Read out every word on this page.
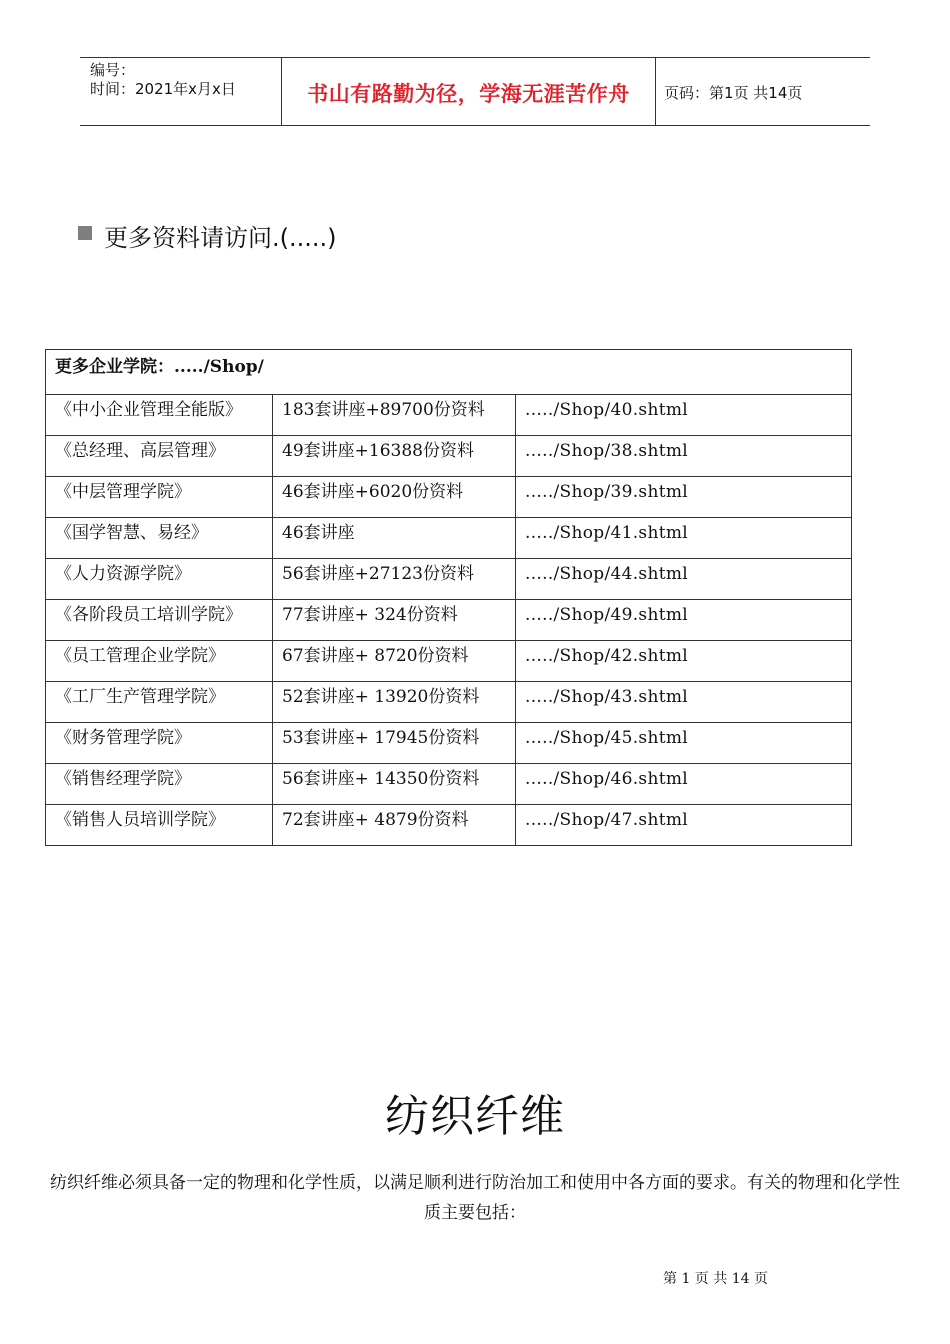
编号：
时间：2021年x月x日	书山有路勤为径，学海无涯苦作舟	页码：第1页 共14页
更多资料请访问.(.....)
更多企业学院：...../Shop/		

《中小企业管理全能版》	183套讲座+89700份资料	...../Shop/40.shtml

《总经理、高层管理》	49套讲座+16388份资料	...../Shop/38.shtml

《中层管理学院》	46套讲座+6020份资料	...../Shop/39.shtml

《国学智慧、易经》	46套讲座	...../Shop/41.shtml

《人力资源学院》	56套讲座+27123份资料	...../Shop/44.shtml

《各阶段员工培训学院》	77套讲座+ 324份资料	...../Shop/49.shtml

《员工管理企业学院》	67套讲座+ 8720份资料	...../Shop/42.shtml

《工厂生产管理学院》	52套讲座+ 13920份资料	...../Shop/43.shtml

《财务管理学院》	53套讲座+ 17945份资料	...../Shop/45.shtml

《销售经理学院》	56套讲座+ 14350份资料	...../Shop/46.shtml

《销售人员培训学院》	72套讲座+ 4879份资料	...../Shop/47.shtml
纺织纤维
纺织纤维必须具备一定的物理和化学性质，以满足顺利进行防治加工和使用中各方面的要求。有关的物理和化学性质主要包括：
第 1 页 共 14 页
